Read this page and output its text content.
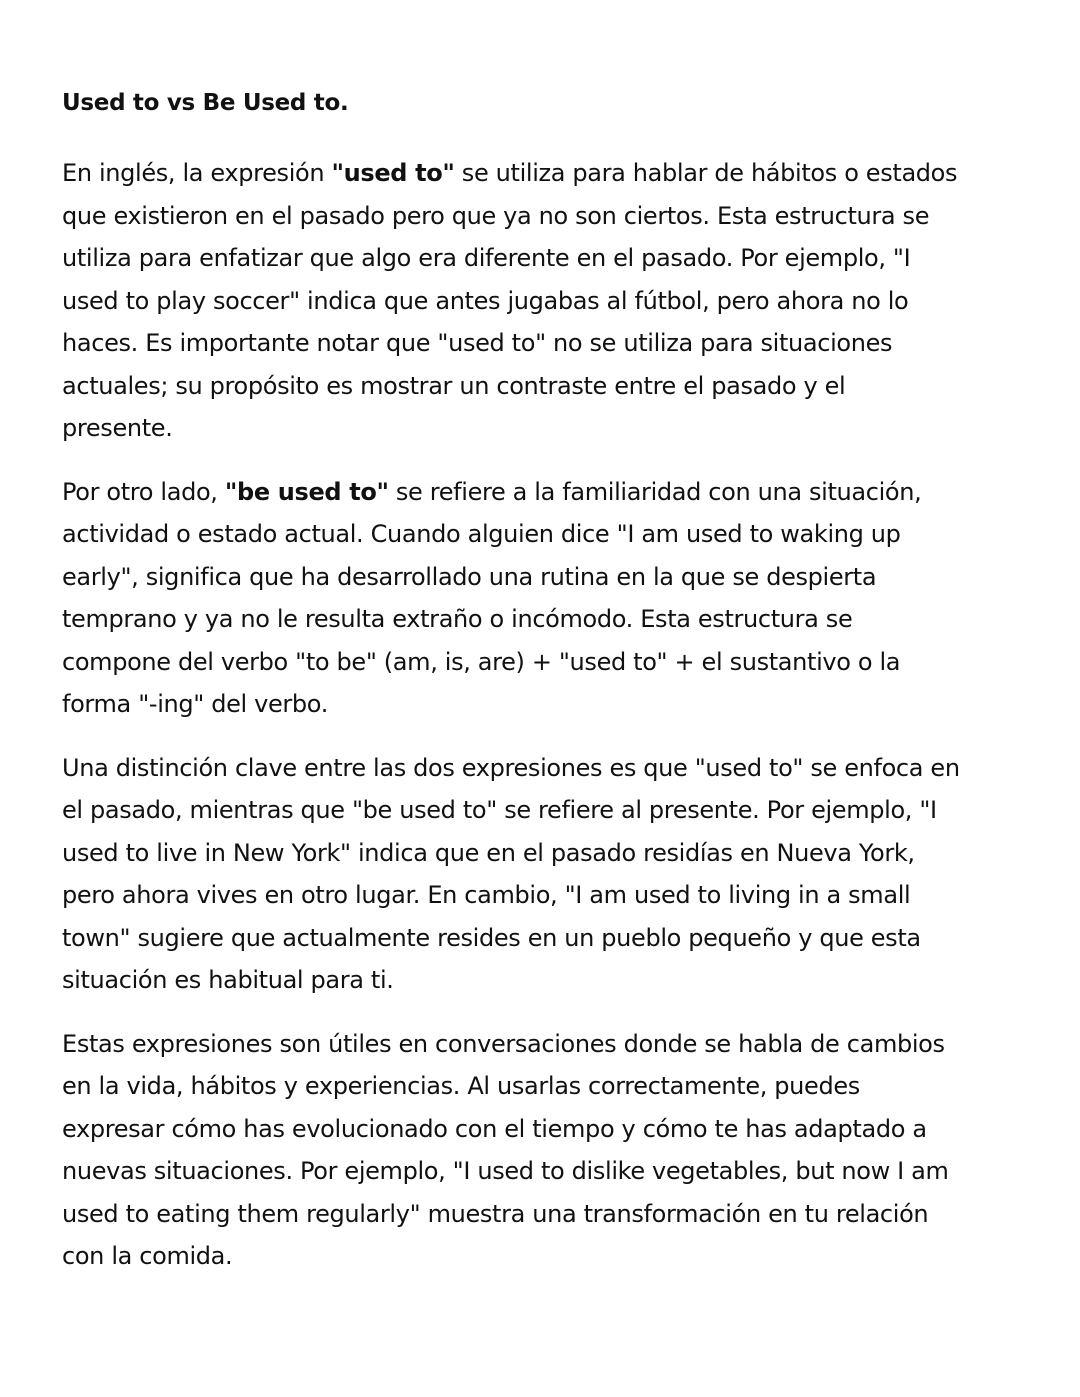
Used to vs Be Used to.

En inglés, la expresión "used to" se utiliza para hablar de hábitos o estados que existieron en el pasado pero que ya no son ciertos. Esta estructura se utiliza para enfatizar que algo era diferente en el pasado. Por ejemplo, "I used to play soccer" indica que antes jugabas al fútbol, pero ahora no lo haces. Es importante notar que "used to" no se utiliza para situaciones actuales; su propósito es mostrar un contraste entre el pasado y el presente.

Por otro lado, "be used to" se refiere a la familiaridad con una situación, actividad o estado actual. Cuando alguien dice "I am used to waking up early", significa que ha desarrollado una rutina en la que se despierta temprano y ya no le resulta extraño o incómodo. Esta estructura se compone del verbo "to be" (am, is, are) + "used to" + el sustantivo o la forma "-ing" del verbo.

Una distinción clave entre las dos expresiones es que "used to" se enfoca en el pasado, mientras que "be used to" se refiere al presente. Por ejemplo, "I used to live in New York" indica que en el pasado residías en Nueva York, pero ahora vives en otro lugar. En cambio, "I am used to living in a small town" sugiere que actualmente resides en un pueblo pequeño y que esta situación es habitual para ti.

Estas expresiones son útiles en conversaciones donde se habla de cambios en la vida, hábitos y experiencias. Al usarlas correctamente, puedes expresar cómo has evolucionado con el tiempo y cómo te has adaptado a nuevas situaciones. Por ejemplo, "I used to dislike vegetables, but now I am used to eating them regularly" muestra una transformación en tu relación con la comida.
